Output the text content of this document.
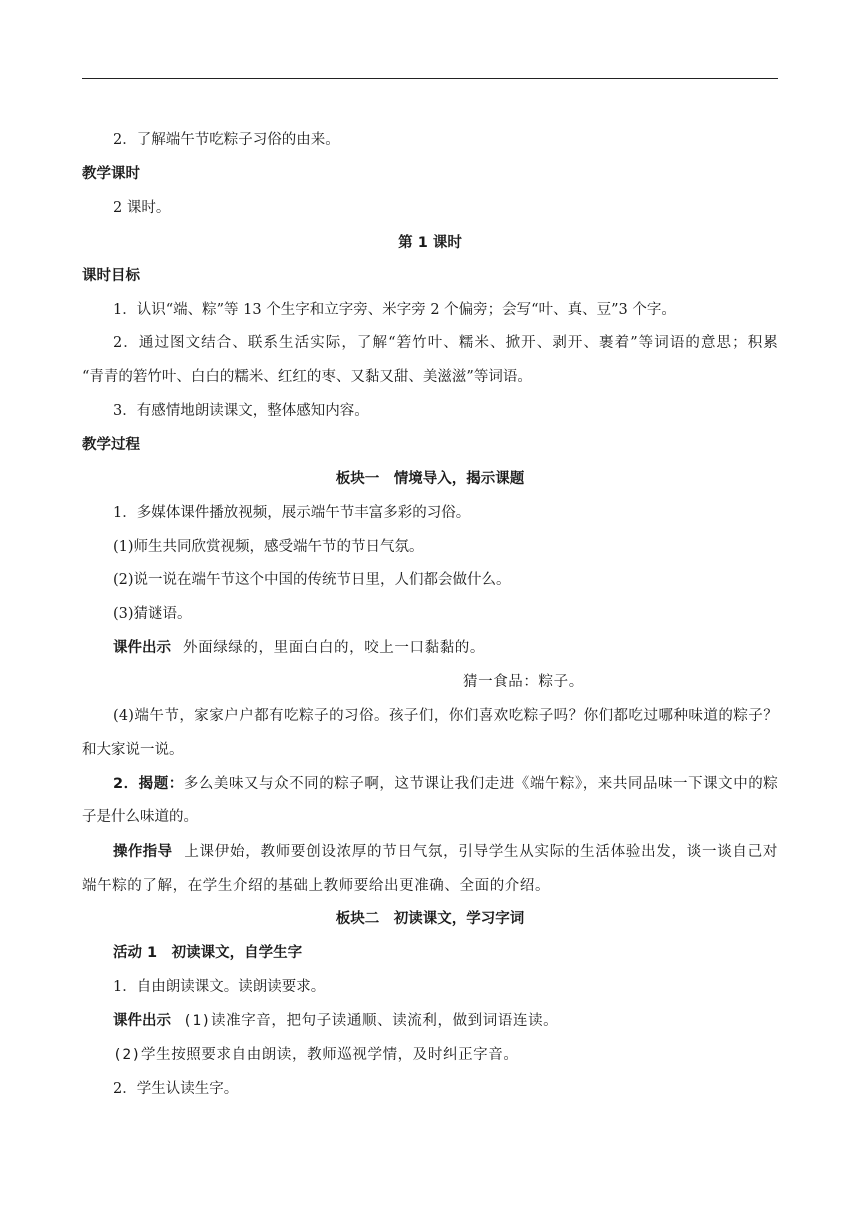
2．了解端午节吃粽子习俗的由来。
教学课时
2 课时。
第 1 课时
课时目标
1．认识“端、粽”等 13 个生字和立字旁、米字旁 2 个偏旁；会写“叶、真、豆”3 个字。
2．通过图文结合、联系生活实际，了解“箬竹叶、糯米、掀开、剥开、裹着”等词语的意思；积累
“青青的箬竹叶、白白的糯米、红红的枣、又黏又甜、美滋滋”等词语。
3．有感情地朗读课文，整体感知内容。
教学过程
板块一　情境导入，揭示课题
1．多媒体课件播放视频，展示端午节丰富多彩的习俗。
(1)师生共同欣赏视频，感受端午节的节日气氛。
(2)说一说在端午节这个中国的传统节日里，人们都会做什么。
(3)猜谜语。
课件出示 外面绿绿的，里面白白的，咬上一口黏黏的。
猜一食品：粽子。
(4)端午节，家家户户都有吃粽子的习俗。孩子们，你们喜欢吃粽子吗？你们都吃过哪种味道的粽子？
和大家说一说。
2．揭题：多么美味又与众不同的粽子啊，这节课让我们走进《端午粽》，来共同品味一下课文中的粽
子是什么味道的。
操作指导 上课伊始，教师要创设浓厚的节日气氛，引导学生从实际的生活体验出发，谈一谈自己对
端午粽的了解，在学生介绍的基础上教师要给出更准确、全面的介绍。
板块二　初读课文，学习字词
活动 1　初读课文，自学生字
1．自由朗读课文。读朗读要求。
课件出示 (1)读准字音，把句子读通顺、读流利，做到词语连读。
(2)学生按照要求自由朗读，教师巡视学情，及时纠正字音。
2．学生认读生字。
